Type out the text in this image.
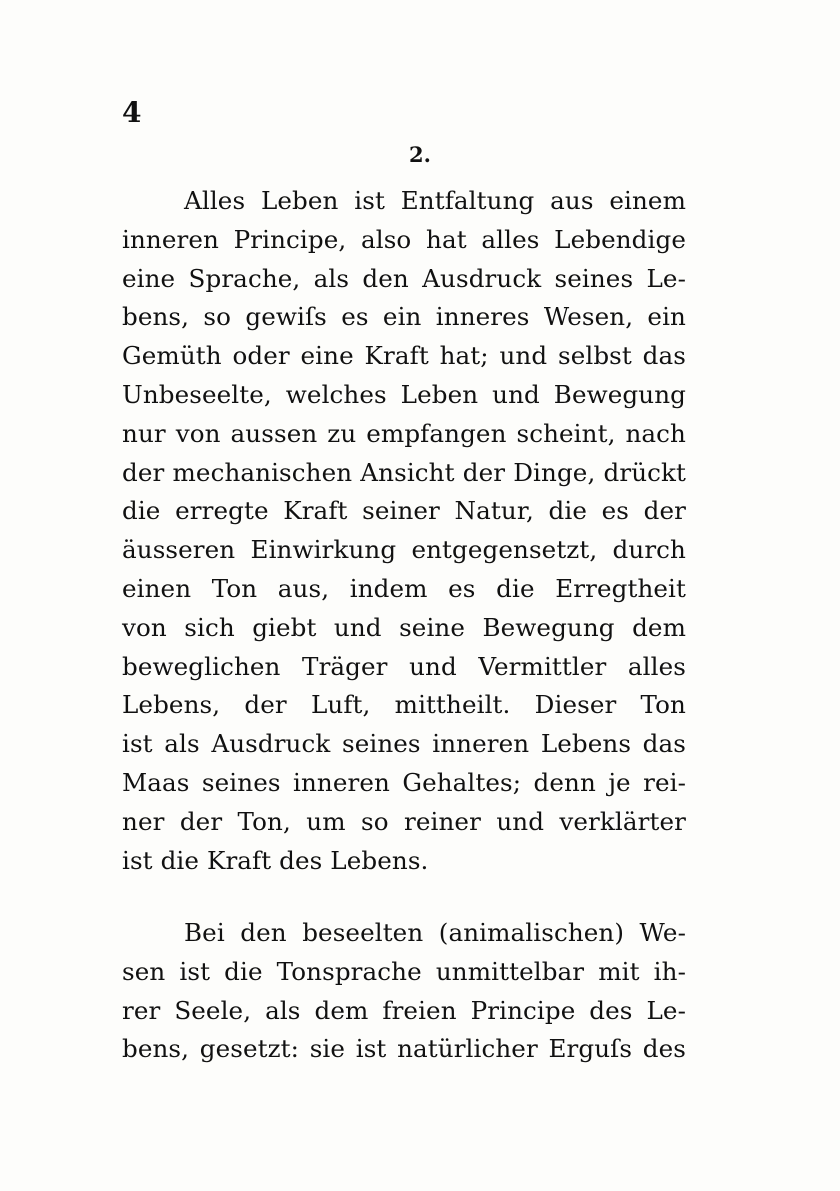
4
2.
Alles Leben ist Entfaltung aus einem
inneren Principe, also hat alles Lebendige
eine Sprache, als den Ausdruck seines Le-
bens, so gewiſs es ein inneres Wesen, ein
Gemüth oder eine Kraft hat; und selbst das
Unbeseelte, welches Leben und Bewegung
nur von aussen zu empfangen scheint, nach
der mechanischen Ansicht der Dinge, drückt
die erregte Kraft seiner Natur, die es der
äusseren Einwirkung entgegensetzt, durch
einen Ton aus, indem es die Erregtheit
von sich giebt und seine Bewegung dem
beweglichen Träger und Vermittler alles
Lebens, der Luft, mittheilt. Dieser Ton
ist als Ausdruck seines inneren Lebens das
Maas seines inneren Gehaltes; denn je rei-
ner der Ton, um so reiner und verklärter
ist die Kraft des Lebens.
Bei den beseelten (animalischen) We-
sen ist die Tonsprache unmittelbar mit ih-
rer Seele, als dem freien Principe des Le-
bens, gesetzt: sie ist natürlicher Erguſs des
